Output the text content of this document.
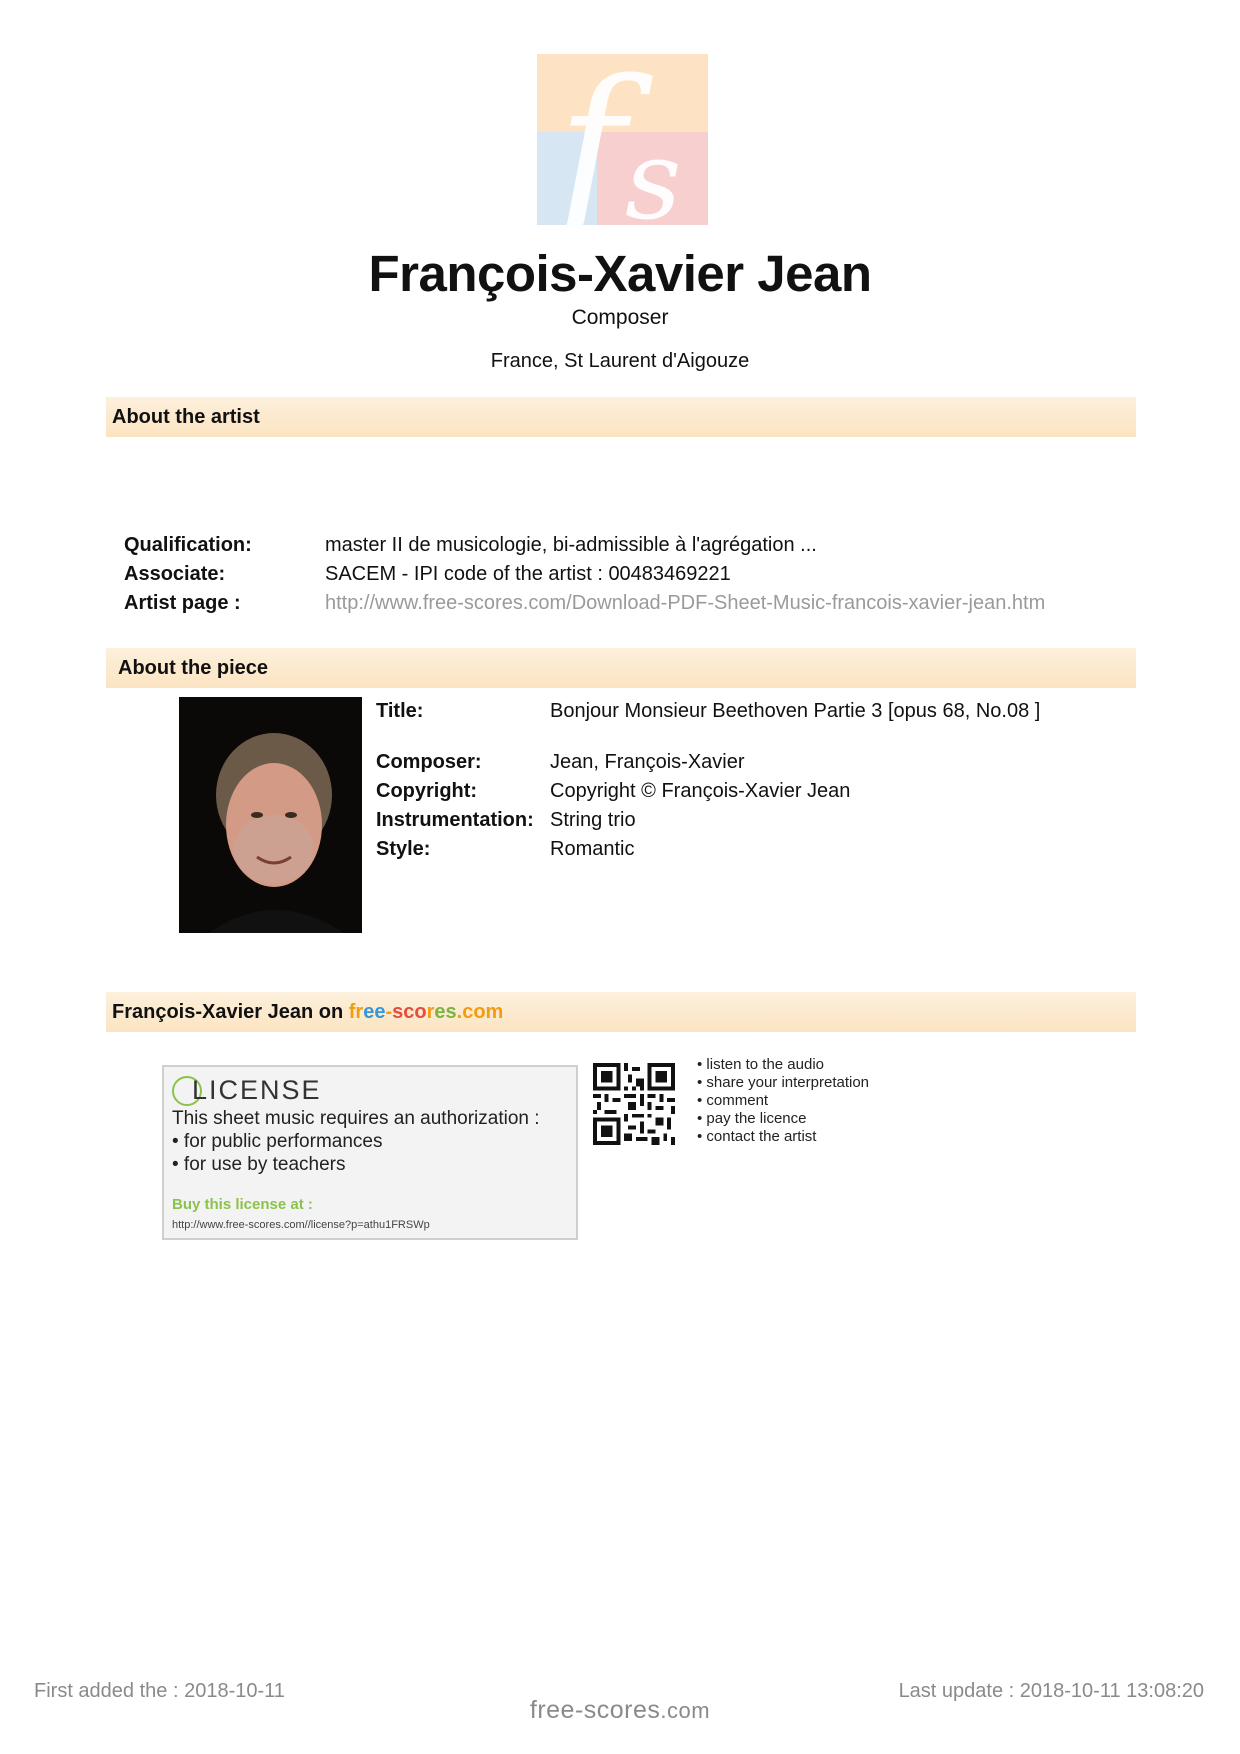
f s
François-Xavier Jean
Composer
France, St Laurent d'Aigouze
About the artist
Qualification:	master II de musicologie, bi-admissible à l'agrégation ...
Associate:	SACEM - IPI code of the artist : 00483469221
Artist page :	http://www.free-scores.com/Download-PDF-Sheet-Music-francois-xavier-jean.htm
About the piece
Title:	Bonjour Monsieur Beethoven Partie 3 [opus 68, No.08 ]
Composer:	Jean, François-Xavier
Copyright:	Copyright © François-Xavier Jean
Instrumentation: String trio
Style:	Romantic
François-Xavier Jean on free-scores.com
L ICENSE
This sheet music requires an authorization :
• for public performances
• for use by teachers
Buy this license at :
http://www.free-scores.com//license?p=athu1FRSWp
• listen to the audio
• share your interpretation
• comment
• pay the licence
• contact the artist
First added the : 2018-10-11	Last update : 2018-10-11 13:08:20
free-scores.com
